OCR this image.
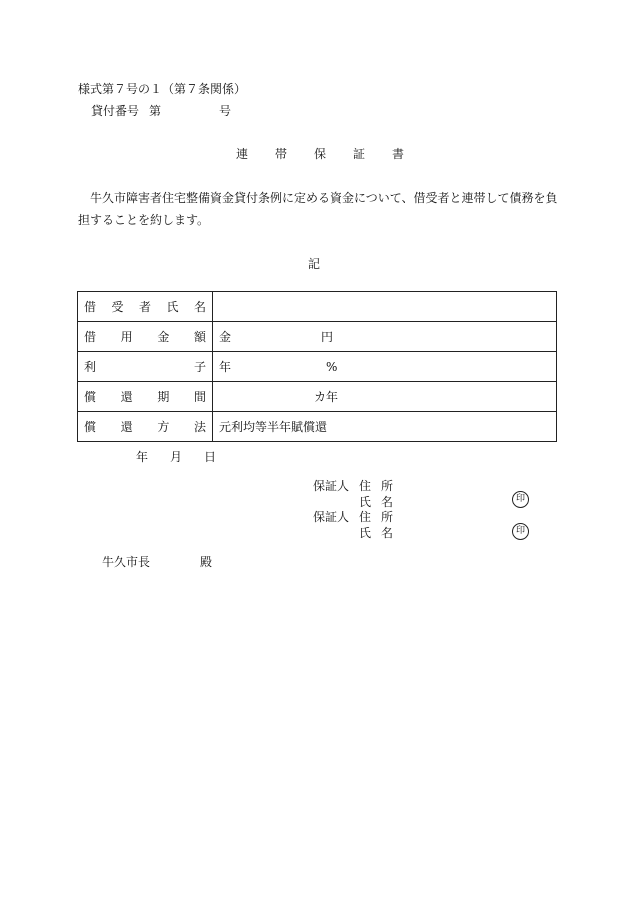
様式第７号の１（第７条関係）
貸付番号 第	号
連帯保証書
牛久市障害者住宅整備資金貸付条例に定める資金について、借受者と連帯して債務を負
担することを約します。
記
借 受 者 氏 名	

借 用 金 額	金 円

利 子	年 %

償 還 期 間	カ年

償 還 方 法	元利均等半年賦償還
年 月 日
保証人 住 所
氏 名	印
保証人 住 所
氏 名	印
牛久市長	殿
